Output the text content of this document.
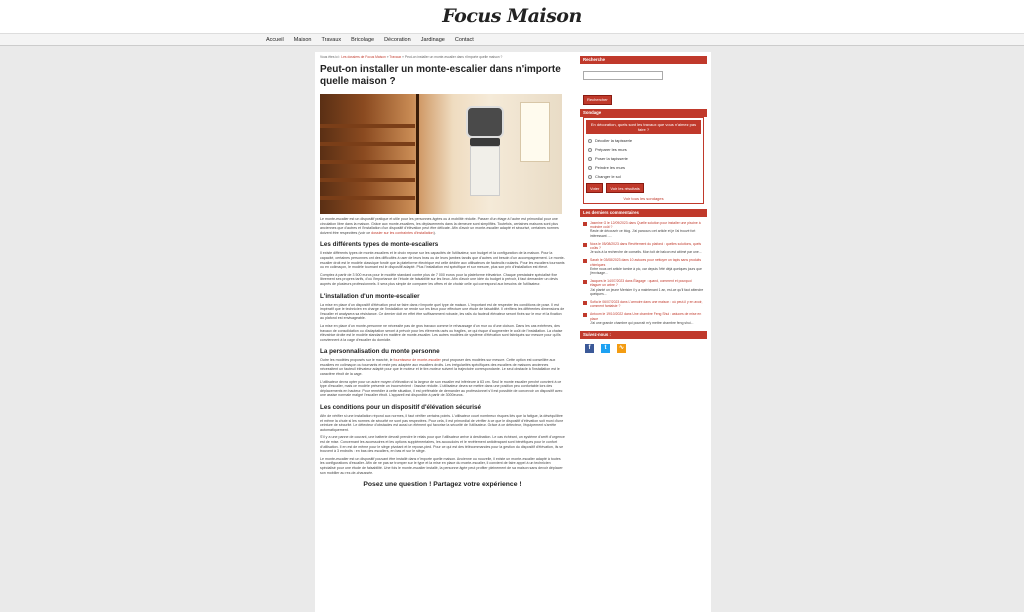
Focus Maison
Accueil Maison Travaux Bricolage Décoration Jardinage Contact
Vous êtes ici : Les dossiers de Focus Maison » Travaux » Peut-on installer un monte-escalier dans n'importe quelle maison ?
Peut-on installer un monte-escalier dans n'importe quelle maison ?

Le monte-escalier est un dispositif pratique et utile pour les personnes âgées ou à mobilité réduite. Passer d'un étage à l'autre est primordial pour une circulation libre dans la maison. Grâce aux monte-escaliers, les déplacements dans la demeure sont simplifiés. Toutefois, certaines maisons sont plus anciennes que d'autres et l'installation d'un dispositif d'élévation peut être délicate. Afin d'avoir un monte-escalier adapté et sécurisé, certaines normes doivent être respectées (voir ce dossier sur les contraintes d'installation).

Les différents types de monte-escaliers

Il existe différents types de monte-escaliers et le choix repose sur les capacités de l'utilisateur, son budget et la configuration de la maison. Pour la capacité, certaines personnes ont des difficultés à user de leurs bras ou de leurs jambes tandis que d'autres ont besoin d'un accompagnement. Le monte-escalier droit est le modèle classique fondé que la plateforme électrique est celle dédiée aux utilisateurs de fauteuils roulants. Pour les escaliers tournants ou en colimaçon, le modèle tournant est le dispositif adapté. Plus l'installation est spécifique et sur mesure, plus son prix d'installation est élevé.

Comptez à partir de 3 500 euros pour le modèle standard contre plus de 7 000 euros pour la plateforme élévatrice. Chaque prestataire spécialisé fixe librement ses propres tarifs, d'où l'importance de l'étude de faisabilité sur les lieux. Afin d'avoir une idée du budget à prévoir, il faut demander un devis auprès de plusieurs professionnels. Il sera plus simple de comparer les offres et de choisir celle qui correspond aux besoins de l'utilisateur.

L'installation d'un monte-escalier

La mise en place d'un dispositif d'élévation peut se faire dans n'importe quel type de maison. L'important est de respecter les conditions de pose. Il est impératif que le technicien en charge de l'installation se rende sur les lieux pour effectuer une étude de faisabilité. Il vérifiera les différentes dimensions de l'escalier et analysera sa résistance. Ce dernier doit en effet être suffisamment robuste, les rails du fauteuil élévateur seront fixés sur le mur et la fixation au plafond est envisageable.

La mise en place d'un monte-personne ne nécessite pas de gros travaux comme le rehaussage d'un mur ou d'une cloison. Dans les cas extrêmes, des travaux de consolidation ou d'adaptation seront à prévoir pour les éléments usés ou fragiles, ce qui risque d'augmenter le coût de l'installation. La chaise élévatrice droite est le modèle standard en matière de monte-escalier. Les autres modèles de système d'élévation sont fabriqués sur mesure pour qu'ils conviennent à la cage d'escalier du domicile.

La personnalisation du monte personne

Outre les modèles proposés sur le marché, le fournisseur de monte-escalier peut proposer des modèles sur mesure. Cette option est conseillée aux escaliers en colimaçon ou tournants et reste peu adaptée aux escaliers droits. Les irrégularités spécifiques des escaliers de maisons anciennes nécessitent un fauteuil élévateur adapté pour que le moteur et le tire-moteur suivent la trajectoire correspondante. Le seul obstacle à l'installation est le caractère étroit de la cage.

L'utilisateur devra opter pour un autre moyen d'élévation si la largeur de son escalier est inférieure à 63 cm. Seul le monte escalier perché convient à ce type d'escalier, mais ce modèle présente un inconvénient : l'assise réduite. L'utilisateur devra se mettre dans une position peu confortable lors des déplacements en hauteur. Pour remédier à cette situation, il est préférable de demander au professionnel s'il est possible de concevoir un dispositif avec une assise normale malgré l'escalier étroit. L'appareil est disponible à partir de 3000euros.

Les conditions pour un dispositif d'élévation sécurisé

Afin de vérifier si une installation répond aux normes, il faut vérifier certains points. L'utilisateur court nombreux risques liés que la fatigue, la déséquilibre et même la chute si les normes de sécurité ne sont pas respectées. Pour cela, il est primordial de vérifier à ce que le dispositif d'élévation soit muni d'une ceinture de sécurité. Le détecteur d'obstacles est aussi un élément qui favorise la sécurité de l'utilisateur. Grâce à ce détecteur, l'équipement s'arrête automatiquement.

S'il y a une panne de courant, une batterie devrait prendre le relais pour que l'utilisateur arrive à destination. Le cas échéant, un système d'arrêt d'urgence est de mise. Concernant les accessoires et les options supplémentaires, les accoudoirs et le revêtement antidérapant sont bénéfiques pour le confort d'utilisation. Il en est de même pour le siège pivotant et le repose-pied. Pour ce qui est des télécommandes pour la gestion du dispositif d'élévation, ils se trouvent à 3 endroits : en bas des escaliers, en bas et sur le siège.

Le monte-escalier est un dispositif pouvant être installé dans n'importe quelle maison. Ancienne ou nouvelle, il existe un monte-escalier adapté à toutes les configurations d'escalier. Afin de ne pas se tromper sur le type et la mise en place du monte-escalier, il convient de faire appel à un technicien spécialisé pour une étude de faisabilité. Une fois le monte-escalier installé, la personne âgée peut profiter pleinement de sa maison sans devoir déplacer son mobilier au rez-de-chaussée.

Posez une question ! Partagez votre expérience !
Recherche
Rechercher
Sondage
En décoration, quels sont les travaux que vous n'aimez pas faire ?
Décoller la tapisserie
Préparer les murs
Poser la tapisserie
Peindre les murs
Changer le sol
Voter	Voir les résultats
Voir tous les sondages
Les derniers commentaires
Jasmine G le 12/09/2023 dans Quelle solution pour installer une piscine à moindre coût ?
Ravie de découvrir ce blog. J'ai parcouru cet article et je l'ai trouvé fort intéressant .....
Nora le 05/08/2023 dans Revêtement du plafond : quelles solutions, quels coûts ?
Je suis à la recherche de conseils. Mon toit de balcon est abîmé par une...
Sarah le 03/08/2023 dans 10 astuces pour nettoyer un tapis sans produits chimiques
Entre nous cet article tombe à pic, car depuis l'été déjà quelques jours que j'envisage...
Jacques le 14/07/2023 dans Élagage : quand, comment et pourquoi élaguer un arbre ?
J'ai planté un jeune Merisier il y a maintenant 1 an, est-ce qu'il faut attendre quelques...
Sofia le 06/07/2023 dans L'armoire dans une maison : où peut-il y en avoir, comment fantaisie ?
Antoom le 19/10/2022 dans Une chambre Feng Shui : astuces de mise en place
J'ai une grande chambre qui pourrait m'y mettre chambre feng shui...
Suivez-nous :
f	t	∿
